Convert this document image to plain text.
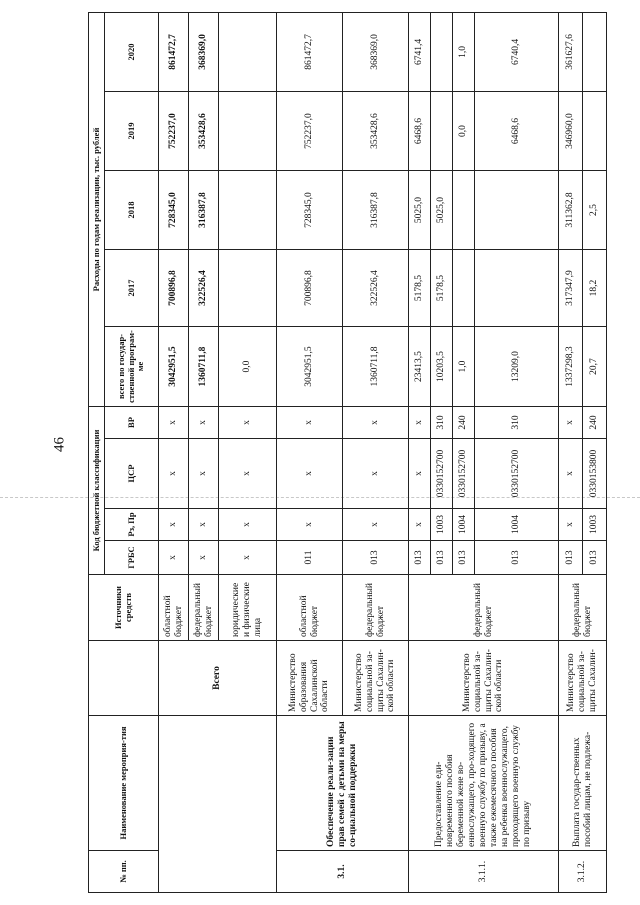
46
№ пп.	Наименование мероприя-тия		Источники средств	Код бюджетной классификации				Расходы по годам реализации, тыс. рублей				
				ГРБС	Рз, Пр	ЦСР	ВР	всего по государ-ственной програм-ме	2017	2018	2019	2020
		Всего	областной бюджет	х	х	х	х	3042951,5	700896,8	728345,0	752237,0	861472,7
			федеральный бюджет	х	х	х	х	1360711,8	322526,4	316387,8	353428,6	368369,0
			юридические и физические лица	х	х	х	х	0,0				
3.1.	Обеспечение реали-зации прав семей с детьми на меры со-циальной поддержки	Министерство образования Сахалинской области	областной бюджет	011	х	х	х	3042951,5	700896,8	728345,0	752237,0	861472,7
		Министерство социальной за-щиты Сахалин-ской области	федеральный бюджет	013	х	х	х	1360711,8	322526,4	316387,8	353428,6	368369,0
3.1.1.	Предоставление еди-новременного пособия беременной жене во-еннослужащего, про-ходящего военную службу по призыву, а также ежемесячного пособия на ребенка военнослужащего, проходящего военную службу по призыву	Министерство социальной за-щиты Сахалин-ской области	федеральный бюджет	013	х	х	х	23413,5	5178,5	5025,0	6468,6	6741,4
				013	1003	0330152700	310	10203,5	5178,5	5025,0		
				013	1004	0330152700	240	1,0			0,0	1,0
				013	1004	0330152700	310	13209,0			6468,6	6740,4
3.1.2.	Выплата государ-ственных пособий лицам, не подлежа-	Министерство социальной за-щиты Сахалин-	федеральный бюджет	013	х	х	х	1337298,3	317347,9	311362,8	346960,0	361627,6
				013	1003	0330153800	240	20,7	18,2	2,5		
